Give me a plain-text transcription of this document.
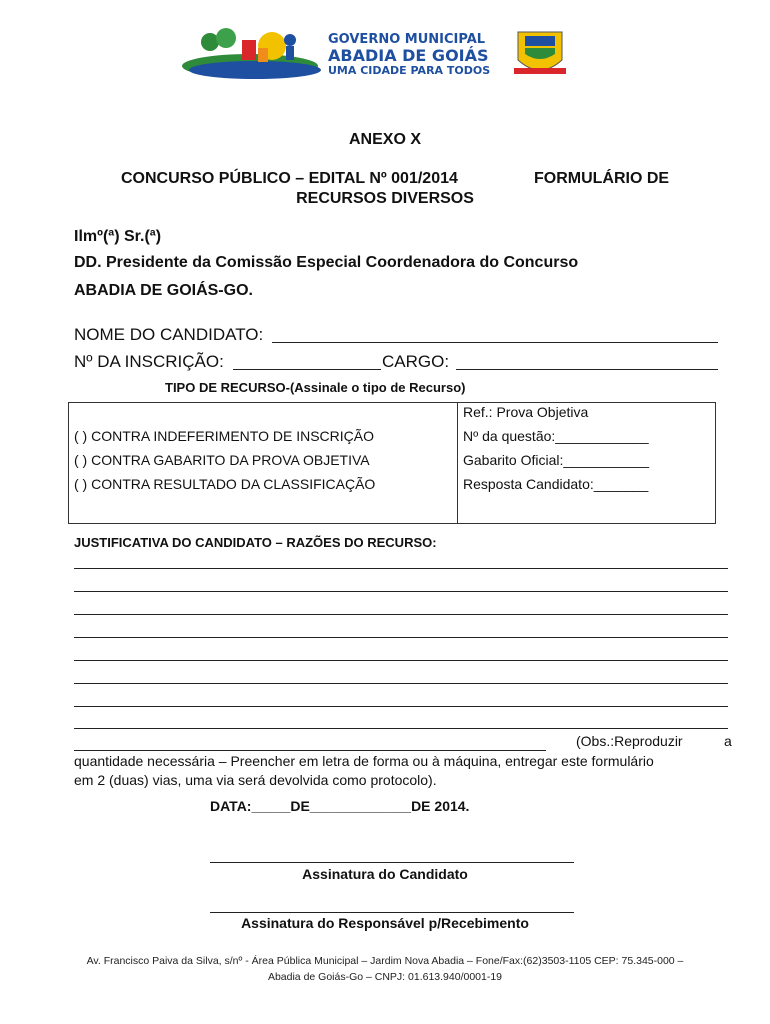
GOVERNO MUNICIPAL
ABADIA DE GOIÁS
UMA CIDADE PARA TODOS
ANEXO X
CONCURSO PÚBLICO – EDITAL Nº 001/2014	FORMULÁRIO DE
RECURSOS DIVERSOS
Ilmº(ª) Sr.(ª)
DD. Presidente da Comissão Especial Coordenadora do Concurso
ABADIA DE GOIÁS-GO.
NOME DO CANDIDATO:
Nº DA INSCRIÇÃO:	CARGO:
TIPO DE RECURSO-(Assinale o tipo de Recurso)

Ref.: Prova Objetiva
( ) CONTRA INDEFERIMENTO DE INSCRIÇÃO	Nº da questão:____________
( ) CONTRA GABARITO DA PROVA OBJETIVA	Gabarito Oficial:___________
( ) CONTRA RESULTADO DA CLASSIFICAÇÃO	Resposta Candidato:_______
JUSTIFICATIVA DO CANDIDATO – RAZÕES DO RECURSO:
(Obs.:Reproduzir	a
quantidade necessária – Preencher em letra de forma ou à máquina, entregar este formulário
em 2 (duas) vias, uma via será devolvida como protocolo).
DATA:_____DE_____________DE 2014.
Assinatura do Candidato
Assinatura do Responsável p/Recebimento
Av. Francisco Paiva da Silva, s/nº - Área Pública Municipal – Jardim Nova Abadia – Fone/Fax:(62)3503-1105 CEP: 75.345-000 –
Abadia de Goiás-Go – CNPJ: 01.613.940/0001-19
